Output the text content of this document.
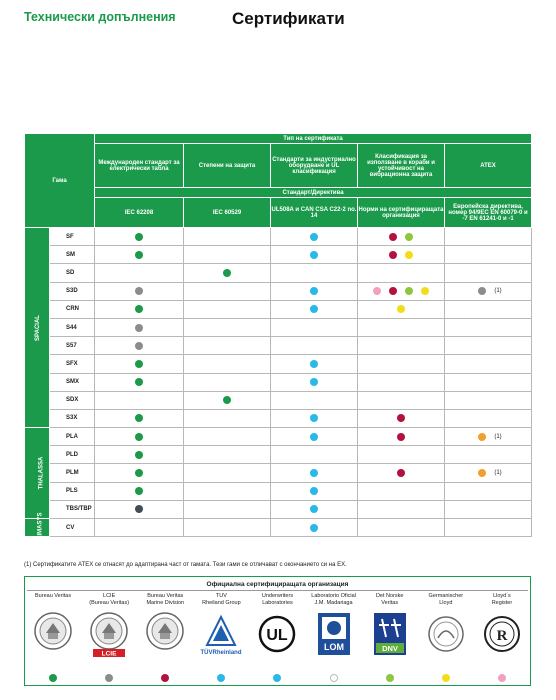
Технически допълнения	Сертификати
Гама		Тип на сертификата				
		Международен стандарт за електрически табла	Степени на защита	Стандарти за индустриално оборудване и UL класификация	Класификация за използване в кораби и устойчивост на вибрационна защита	ATEX
		Стандарт/Директива				
		IEC 62208	IEC 60529	UL508A и CAN CSA C22-2 no. 14	Норми на сертифициращата организация	Европейска директива, номер 94/9EC EN 60079-0 и -7 EN 61241-0 и -1
SPACIAL	SF					
	SM					
	SD					
	S3D					(1)
	CRN					
	S44					
	S57					
	SFX					
	SMX					
	SDX					
	S3X					
THALASSA	PLA					(1)
	PLD					
	PLM					(1)
	PLS					
	TBS/TBP					
CLIMASYS	CV					
(1) Сертификатите ATEX се отнасят до адаптирана част от гамата. Тези гами се отличават с окончанието си на EX.
Официална сертифициращата организация
Bureau Veritas	LCIE
(Bureau Veritas)
LCIE
Bureau Veritas
Marine Division
TUV
Rheiland Group
TÜVRheinland
Underwriters
Laboratories
UL
Laboratorio Oficial
J.M. Madariaga
LOM
Det Norske
Veritas
DNV
Germanischer
Lloyd
Lloyd´s
Register
R
